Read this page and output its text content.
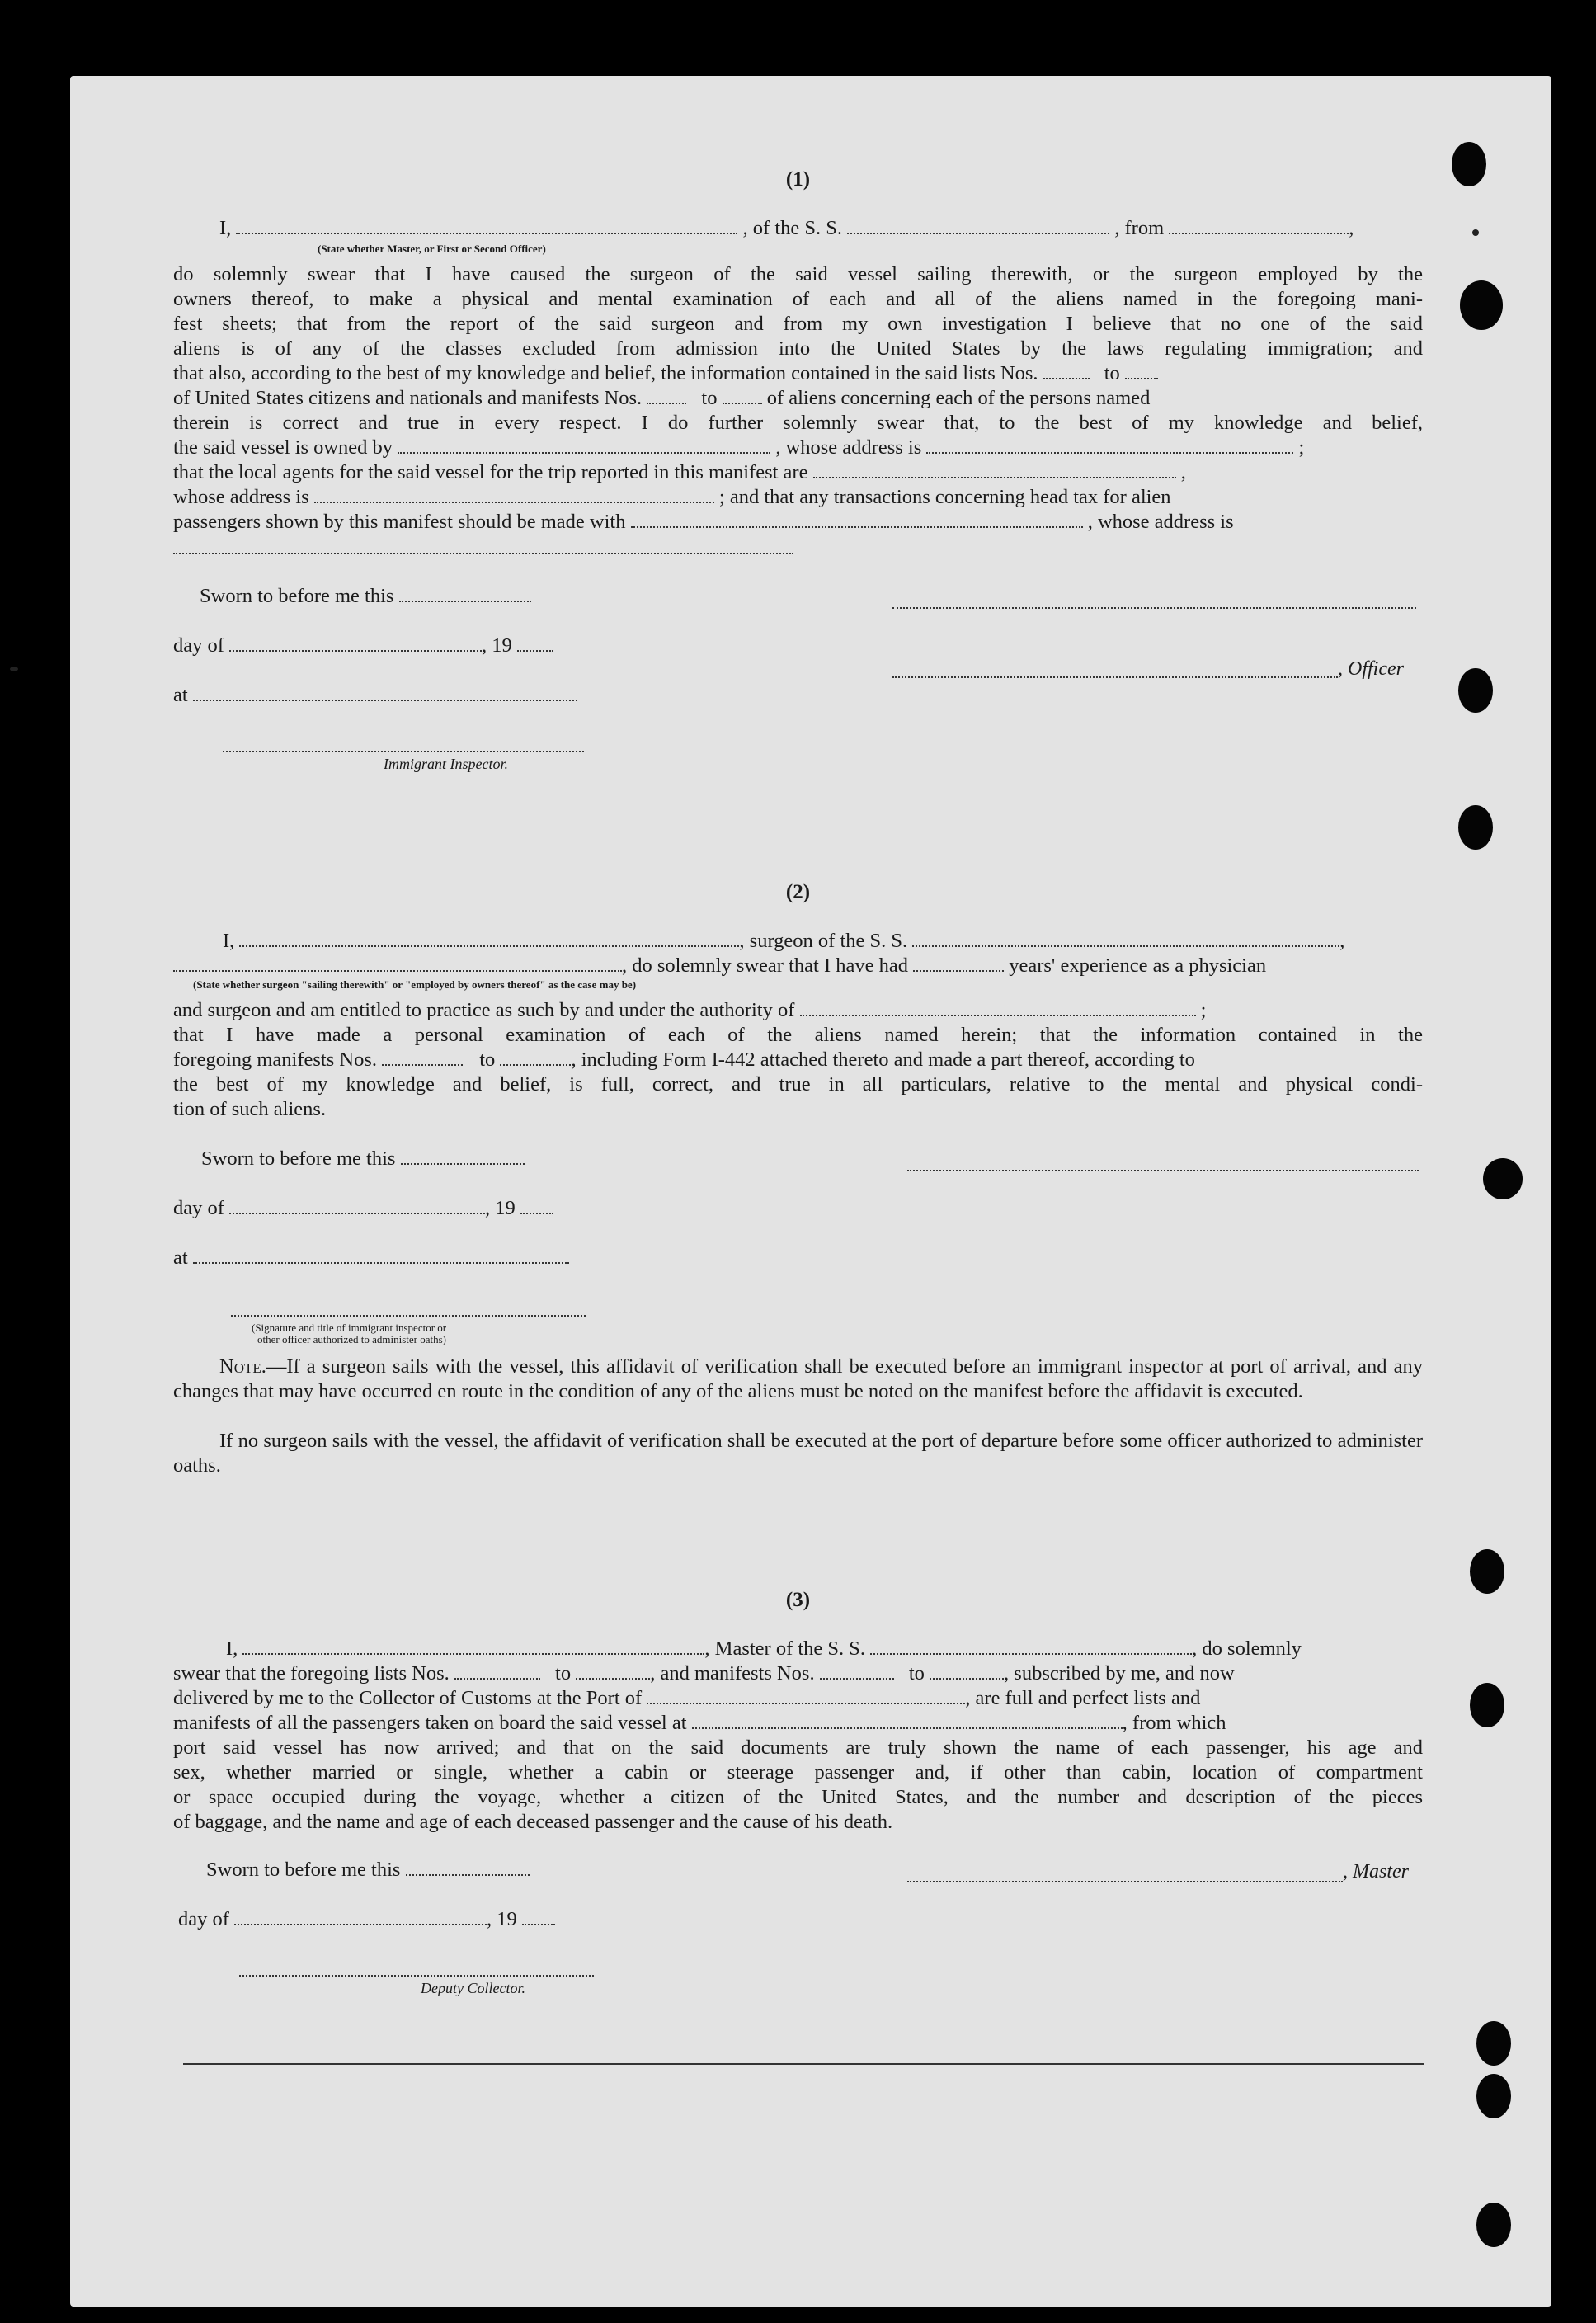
(1)
I,	, of the S. S.	, from	,
(State whether Master, or First or Second Officer)
do solemnly swear that I have caused the surgeon of the said vessel sailing therewith, or the surgeon employed by the
owners thereof, to make a physical and mental examination of each and all of the aliens named in the foregoing mani-
fest sheets; that from the report of the said surgeon and from my own investigation I believe that no one of the said
aliens is of any of the classes excluded from admission into the United States by the laws regulating immigration; and
that also, according to the best of my knowledge and belief, the information contained in the said lists Nos.	to
of United States citizens and nationals and manifests Nos.	to of aliens concerning each of the persons named
therein is correct and true in every respect. I do further solemnly swear that, to the best of my knowledge and belief,
the said vessel is owned by	, whose address is	;
that the local agents for the said vessel for the trip reported in this manifest are	,
whose address is	; and that any transactions concerning head tax for alien
passengers shown by this manifest should be made with	, whose address is
Sworn to before me this
day of	, 19
, Officer
at
Immigrant Inspector.
(2)
I,	, surgeon of the S. S.	,
, do solemnly swear that I have had	years' experience as a physician
(State whether surgeon "sailing therewith" or "employed by owners thereof" as the case may be)
and surgeon and am entitled to practice as such by and under the authority of	;
that I have made a personal examination of each of the aliens named herein; that the information contained in the
foregoing manifests Nos.	to	, including Form I-442 attached thereto and made a part thereof, according to
the best of my knowledge and belief, is full, correct, and true in all particulars, relative to the mental and physical condi-
tion of such aliens.
Sworn to before me this
day of	, 19
at
(Signature and title of immigrant inspector or
other officer authorized to administer oaths)
Note.—If a surgeon sails with the vessel, this affidavit of verification shall be executed before an immigrant inspector at port of arrival, and any changes that may have occurred en route in the condition of any of the aliens must be noted on the manifest before the affidavit is executed.
If no surgeon sails with the vessel, the affidavit of verification shall be executed at the port of departure before some officer authorized to administer oaths.
(3)
I,	, Master of the S. S.	, do solemnly
swear that the foregoing lists Nos.	to	, and manifests Nos.	to	, subscribed by me, and now
delivered by me to the Collector of Customs at the Port of	, are full and perfect lists and
manifests of all the passengers taken on board the said vessel at	, from which
port said vessel has now arrived; and that on the said documents are truly shown the name of each passenger, his age and
sex, whether married or single, whether a cabin or steerage passenger and, if other than cabin, location of compartment
or space occupied during the voyage, whether a citizen of the United States, and the number and description of the pieces
of baggage, and the name and age of each deceased passenger and the cause of his death.
Sworn to before me this	, Master
day of	, 19
Deputy Collector.
